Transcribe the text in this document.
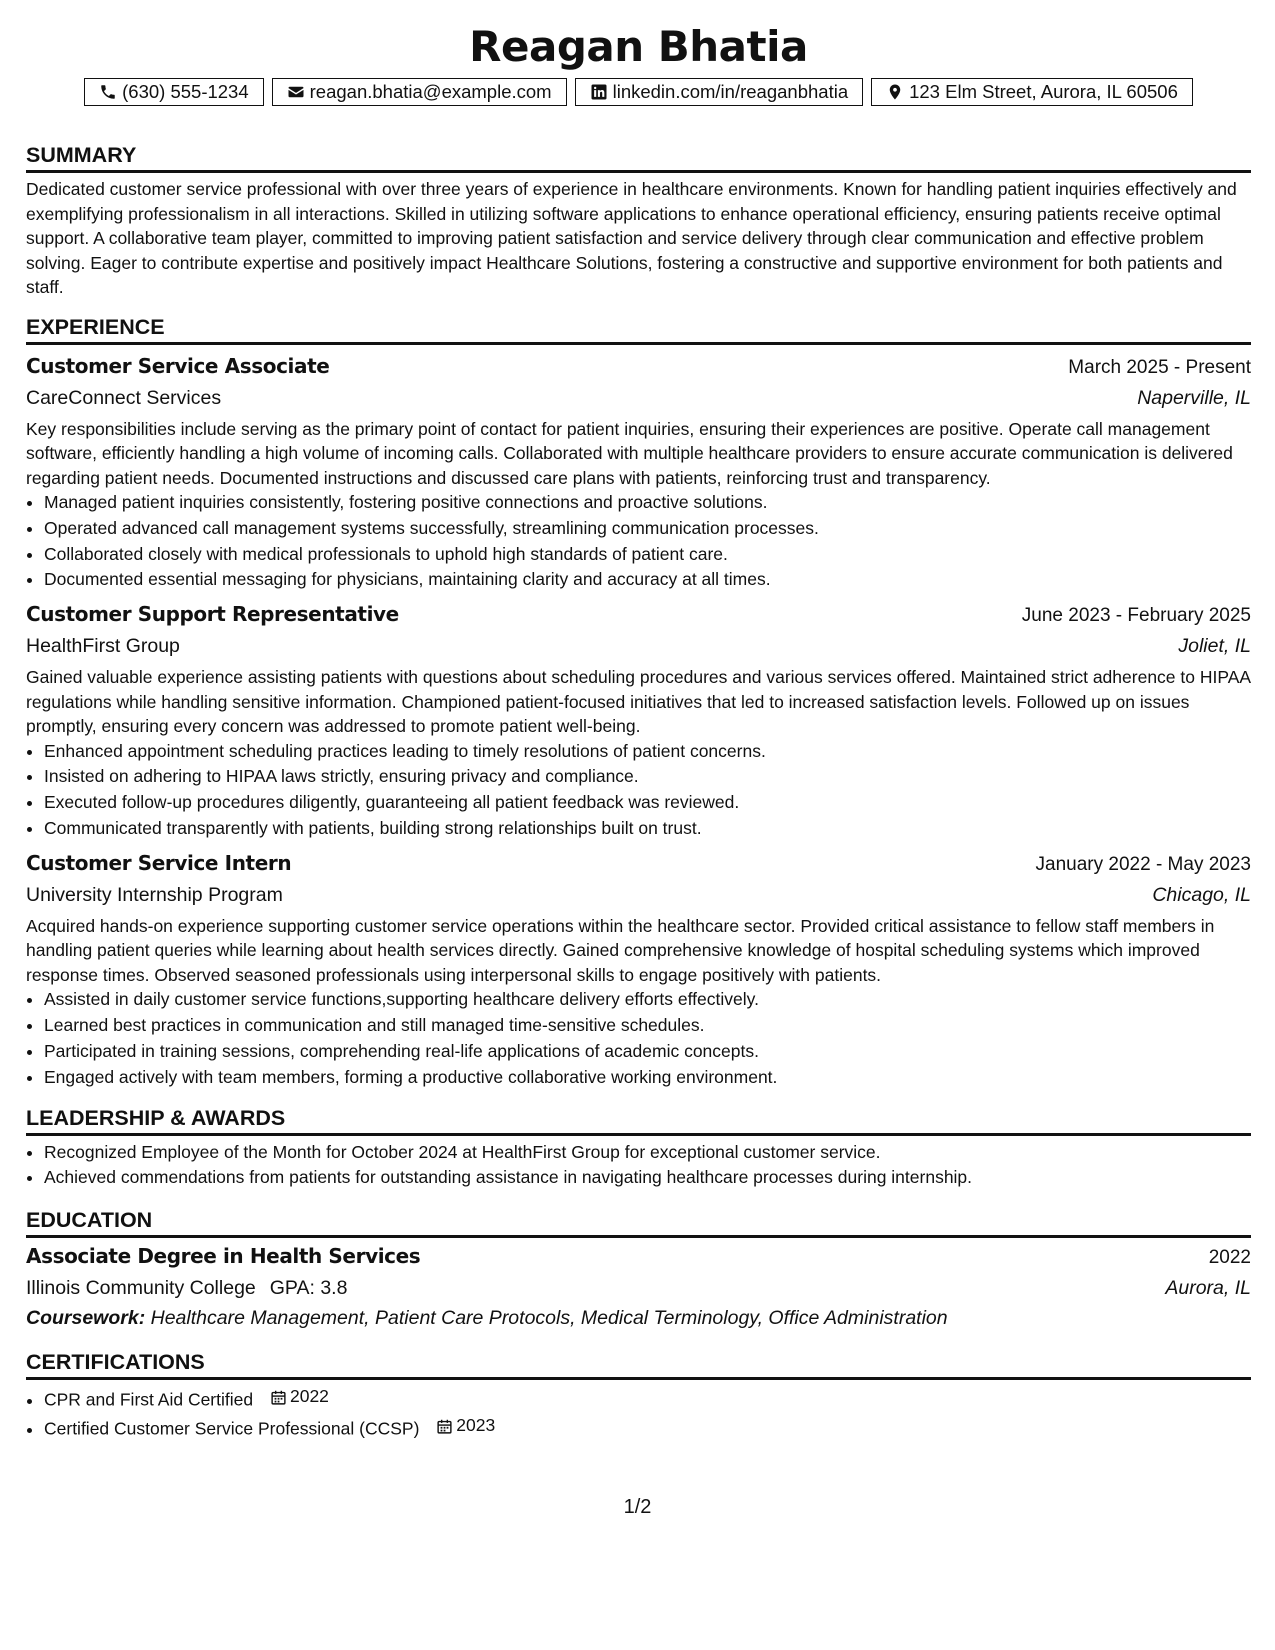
Reagan Bhatia
(630) 555-1234	reagan.bhatia@example.com	linkedin.com/in/reaganbhatia	123 Elm Street, Aurora, IL 60506
SUMMARY

Dedicated customer service professional with over three years of experience in healthcare environments. Known for handling patient inquiries effectively and exemplifying professionalism in all interactions. Skilled in utilizing software applications to enhance operational efficiency, ensuring patients receive optimal support. A collaborative team player, committed to improving patient satisfaction and service delivery through clear communication and effective problem solving. Eager to contribute expertise and positively impact Healthcare Solutions, fostering a constructive and supportive environment for both patients and staff.

EXPERIENCE
Customer Service Associate	March 2025 - Present
CareConnect Services	Naperville, IL

Key responsibilities include serving as the primary point of contact for patient inquiries, ensuring their experiences are positive. Operate call management software, efficiently handling a high volume of incoming calls. Collaborated with multiple healthcare providers to ensure accurate communication is delivered regarding patient needs. Documented instructions and discussed care plans with patients, reinforcing trust and transparency.

• Managed patient inquiries consistently, fostering positive connections and proactive solutions.
• Operated advanced call management systems successfully, streamlining communication processes.
• Collaborated closely with medical professionals to uphold high standards of patient care.
• Documented essential messaging for physicians, maintaining clarity and accuracy at all times.
Customer Support Representative	June 2023 - February 2025
HealthFirst Group	Joliet, IL

Gained valuable experience assisting patients with questions about scheduling procedures and various services offered. Maintained strict adherence to HIPAA regulations while handling sensitive information. Championed patient-focused initiatives that led to increased satisfaction levels. Followed up on issues promptly, ensuring every concern was addressed to promote patient well-being.

• Enhanced appointment scheduling practices leading to timely resolutions of patient concerns.
• Insisted on adhering to HIPAA laws strictly, ensuring privacy and compliance.
• Executed follow-up procedures diligently, guaranteeing all patient feedback was reviewed.
• Communicated transparently with patients, building strong relationships built on trust.
Customer Service Intern	January 2022 - May 2023
University Internship Program	Chicago, IL

Acquired hands-on experience supporting customer service operations within the healthcare sector. Provided critical assistance to fellow staff members in handling patient queries while learning about health services directly. Gained comprehensive knowledge of hospital scheduling systems which improved response times. Observed seasoned professionals using interpersonal skills to engage positively with patients.

• Assisted in daily customer service functions,supporting healthcare delivery efforts effectively.
• Learned best practices in communication and still managed time-sensitive schedules.
• Participated in training sessions, comprehending real-life applications of academic concepts.
• Engaged actively with team members, forming a productive collaborative working environment.
LEADERSHIP & AWARDS
• Recognized Employee of the Month for October 2024 at HealthFirst Group for exceptional customer service.
• Achieved commendations from patients for outstanding assistance in navigating healthcare processes during internship.
EDUCATION
Associate Degree in Health Services	2022
Illinois Community College GPA: 3.8	Aurora, IL
Coursework: Healthcare Management, Patient Care Protocols, Medical Terminology, Office Administration
CERTIFICATIONS
• CPR and First Aid Certified 2022
• Certified Customer Service Professional (CCSP) 2023
1/2
